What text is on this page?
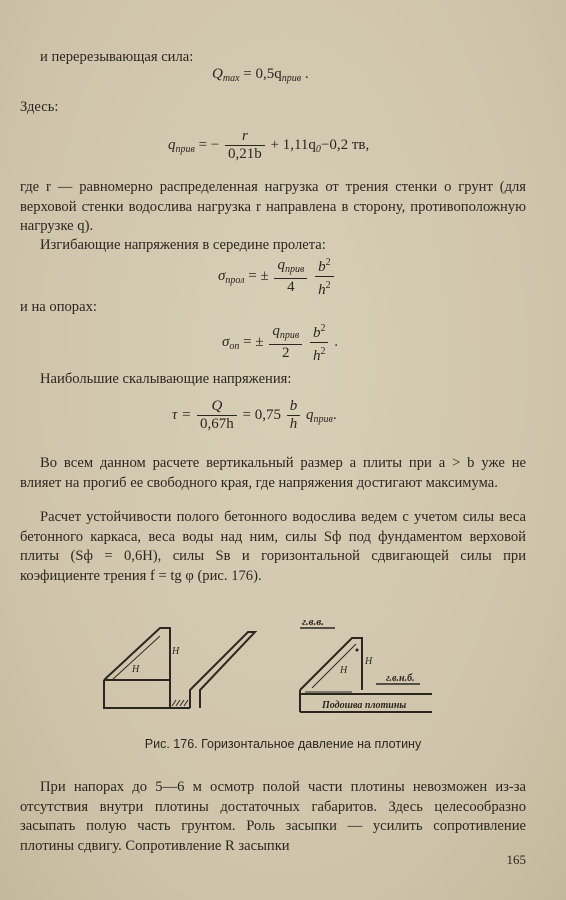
и перерезывающая сила:
$Q_{max} = 0,5q_{прив}$ .
Здесь:
$q_{прив}$ = − $\frac{r}{0,21b} + 1,11q_0-0,2$ тв,
где r — равномерно распределенная нагрузка от трения стенки о грунт (для верховой стенки водослива нагрузка r направлена в сторону, противоположную нагрузке q).
Изгибающие напряжения в середине пролета:
$\sigma_{прол}$ = ± $\frac{q_{прив}}{4}$
$\frac{b^2}{h^2}$
и на опорах:
$\sigma_{оп}$ = ± $\frac{q_{прив}}{2}$
$\frac{b^2}{h^2}$ .
Наибольшие скалывающие напряжения:
$\tau = \frac{Q}{0,67h} = 0,75 \frac{b}{h} q_{прив}$.
Во всем данном расчете вертикальный размер a плиты при a > b уже не влияет на прогиб ее свободного края, где напряжения достигают максимума.
Расчет устойчивости полого бетонного водослива ведем с учетом силы веса бетонного каркаса, веса воды над ним, силы Sф под фундаментом верховой плиты (Sф = 0,6H), силы Sв и горизонтальной сдвигающей силы при коэфициенте трения f = tg φ (рис. 176).
H
H
H
H
г.в.в.
г.в.н.б.
Подошва плотины
Рис. 176. Горизонтальное давление на плотину
При напорах до 5—6 м осмотр полой части плотины невозможен из-за отсутствия внутри плотины достаточных габаритов. Здесь целесообразно засыпать полую часть грунтом. Роль засыпки — усилить сопротивление плотины сдвигу. Сопротивление R засыпки
165
